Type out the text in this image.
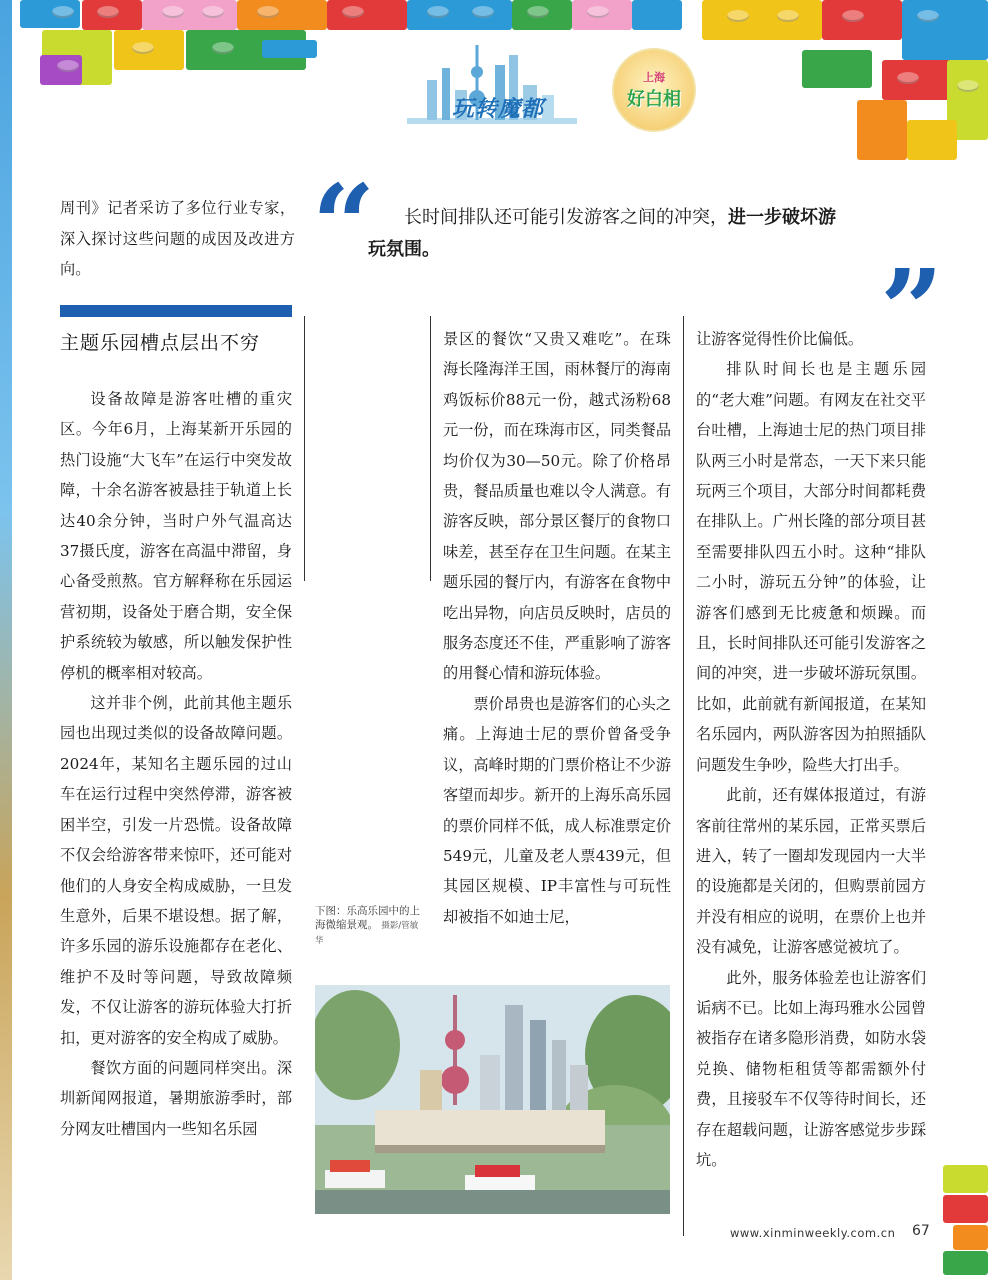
玩转魔都
上海
好白相

周刊》记者采访了多位行业专家，深入探讨这些问题的成因及改进方向。	“	长时间排队还可能引发游客之间的冲突，进一步破坏游
玩氛围。	”
主题乐园槽点层出不穷

设备故障是游客吐槽的重灾区。今年6月，上海某新开乐园的热门设施“大飞车”在运行中突发故障，十余名游客被悬挂于轨道上长达40余分钟，当时户外气温高达37摄氏度，游客在高温中滞留，身心备受煎熬。官方解释称在乐园运营初期，设备处于磨合期，安全保护系统较为敏感，所以触发保护性停机的概率相对较高。

这并非个例，此前其他主题乐园也出现过类似的设备故障问题。2024年，某知名主题乐园的过山车在运行过程中突然停滞，游客被困半空，引发一片恐慌。设备故障不仅会给游客带来惊吓，还可能对他们的人身安全构成威胁，一旦发生意外，后果不堪设想。据了解，许多乐园的游乐设施都存在老化、维护不及时等问题，导致故障频发，不仅让游客的游玩体验大打折扣，更对游客的安全构成了威胁。

餐饮方面的问题同样突出。深圳新闻网报道，暑期旅游季时，部分网友吐槽国内一些知名乐园

景区的餐饮“又贵又难吃”。在珠海长隆海洋王国，雨林餐厅的海南鸡饭标价88元一份，越式汤粉68元一份，而在珠海市区，同类餐品均价仅为30—50元。除了价格昂贵，餐品质量也难以令人满意。有游客反映，部分景区餐厅的食物口味差，甚至存在卫生问题。在某主题乐园的餐厅内，有游客在食物中吃出异物，向店员反映时，店员的服务态度还不佳，严重影响了游客的用餐心情和游玩体验。

票价昂贵也是游客们的心头之痛。上海迪士尼的票价曾备受争议，高峰时期的门票价格让不少游客望而却步。新开的上海乐高乐园的票价同样不低，成人标准票定价549元，儿童及老人票439元，但其园区规模、IP丰富性与可玩性却被指不如迪士尼，

让游客觉得性价比偏低。

排队时间长也是主题乐园的“老大难”问题。有网友在社交平台吐槽，上海迪士尼的热门项目排队两三小时是常态，一天下来只能玩两三个项目，大部分时间都耗费在排队上。广州长隆的部分项目甚至需要排队四五小时。这种“排队二小时，游玩五分钟”的体验，让游客们感到无比疲惫和烦躁。而且，长时间排队还可能引发游客之间的冲突，进一步破坏游玩氛围。比如，此前就有新闻报道，在某知名乐园内，两队游客因为拍照插队问题发生争吵，险些大打出手。

此前，还有媒体报道过，有游客前往常州的某乐园，正常买票后进入，转了一圈却发现园内一大半的设施都是关闭的，但购票前园方并没有相应的说明，在票价上也并没有减免，让游客感觉被坑了。

此外，服务体验差也让游客们诟病不已。比如上海玛雅水公园曾被指存在诸多隐形消费，如防水袋兑换、储物柜租赁等都需额外付费，且接驳车不仅等待时间长，还存在超载问题，让游客感觉步步踩坑。

下图：乐高乐园中的上海微缩景观。 摄影/管敏华
www.xinminweekly.com.cn 67
